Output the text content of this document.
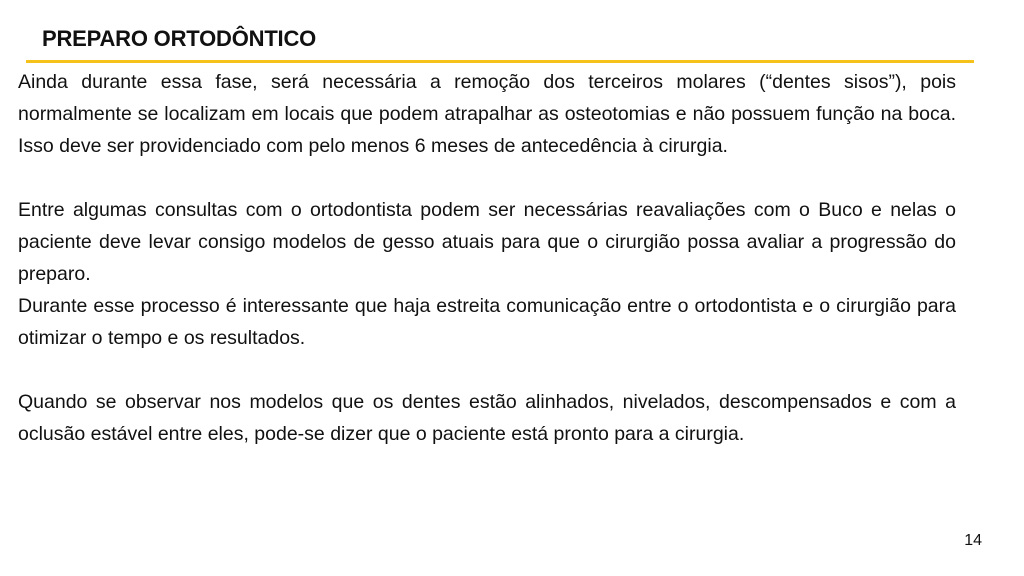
PREPARO ORTODÔNTICO

Ainda durante essa fase, será necessária a remoção dos terceiros molares (“dentes sisos”), pois normalmente se localizam em locais que podem atrapalhar as osteotomias e não possuem função na boca. Isso deve ser providenciado com pelo menos 6 meses de antecedência à cirurgia.

Entre algumas consultas com o ortodontista podem ser necessárias reavaliações com o Buco e nelas o paciente deve levar consigo modelos de gesso atuais para que o cirurgião possa avaliar a progressão do preparo.

Durante esse processo é interessante que haja estreita comunicação entre o ortodontista e o cirurgião para otimizar o tempo e os resultados.

Quando se observar nos modelos que os dentes estão alinhados, nivelados, descompensados e com a oclusão estável entre eles, pode-se dizer que o paciente está pronto para a cirurgia.

14
